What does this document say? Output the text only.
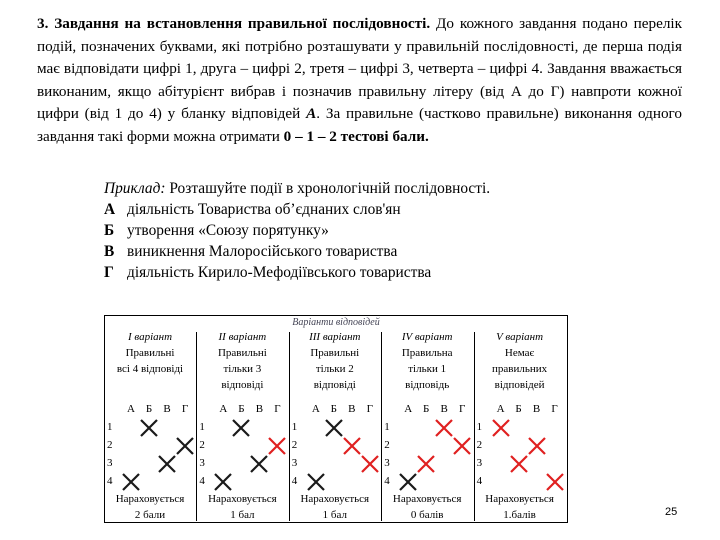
3. Завдання на встановлення правильної послідовності. До кожного завдання подано перелік подій, позначених буквами, які потрібно розташувати у правильній послідовності, де перша подія має відповідати цифрі 1, друга – цифрі 2, третя – цифрі 3, четверта – цифрі 4. Завдання вважається виконаним, якщо абітурієнт вибрав і позначив правильну літеру (від А до Г) навпроти кожної цифри (від 1 до 4) у бланку відповідей А. За правильне (частково правильне) виконання одного завдання такі форми можна отримати 0 – 1 – 2 тестові бали.

Приклад: Розташуйте події в хронологічній послідовності.
А діяльність Товариства об’єднаних слов'ян
Б утворення «Союзу порятунку»
В виникнення Малоросійського товариства
Г діяльність Кирило-Мефодіївського товариства
Варіанти відповідей
I варіант
Правильні
всі 4 відповіді
А Б В Г
1
2
3
4
Нараховується
2 бали
II варіант
Правильні
тільки 3
відповіді
А Б В Г
1
2
3
4
Нараховується
1 бал
III варіант
Правильні
тільки 2
відповіді
А Б В Г
1
2
3
4
Нараховується
1 бал
IV варіант
Правильна
тільки 1
відповідь
А Б В Г
1
2
3
4
Нараховується
0 балів
V варіант
Немає
правильних
відповідей
А Б В Г
1
2
3
4
Нараховується
1.балів	25
